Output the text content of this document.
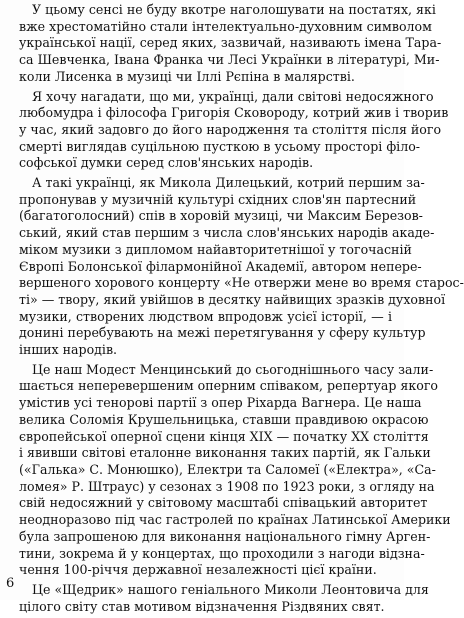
У цьому сенсі не буду вкотре наголошувати на постатях, які
вже хрестоматійно стали інтелектуально-духовним символом
української нації, серед яких, зазвичай, називають імена Тара-
са Шевченка, Івана Франка чи Лесі Українки в літературі, Ми-
коли Лисенка в музиці чи Іллі Рєпіна в малярстві.
Я хочу нагадати, що ми, українці, дали світові недосяжного
любомудра і філософа Григорія Сковороду, котрий жив і творив
у час, який задовго до його народження та століття після його
смерті виглядав суцільною пусткою в усьому просторі філо-
софської думки серед слов'янських народів.
А такі українці, як Микола Дилецький, котрий першим за-
пропонував у музичній культурі східних слов'ян партесний
(багатоголосний) спів в хоровій музиці, чи Максим Березов-
ський, який став першим з числа слов'янських народів акаде-
міком музики з дипломом найавторитетнішої у тогочасній
Європі Болонської філармонійної Академії, автором непере-
вершеного хорового концерту «Не отвержи мене во время старос-
ті» — твору, який увійшов в десятку найвищих зразків духовної
музики, створених людством впродовж усієї історії, — і
донині перебувають на межі перетягування у сферу культур
інших народів.
Це наш Модест Менцинський до сьогоднішнього часу зали-
шається неперевершеним оперним співаком, репертуар якого
умістив усі теноровi партії з опер Ріхарда Вагнера. Це наша
велика Соломія Крушельницька, ставши правдивою окрасою
європейської оперної сцени кінця XIX — початку XX століття
і явивши світові еталонне виконання таких партій, як Гальки
(«Галька» С. Монюшко), Електри та Саломеї («Електра», «Са-
ломея» Р. Штраус) у сезонах з 1908 по 1923 роки, з огляду на
свій недосяжний у світовому масштабі співацький авторитет
неодноразово під час гастролей по країнах Латинської Америки
була запрошеною для виконання національного гімну Арген-
тини, зокрема й у концертах, що проходили з нагоди відзна-
чення 100-річчя державної незалежності цієї країни.
Це «Щедрик» нашого геніального Миколи Леонтовича для
цілого світу став мотивом відзначення Різдвяних свят.
6
